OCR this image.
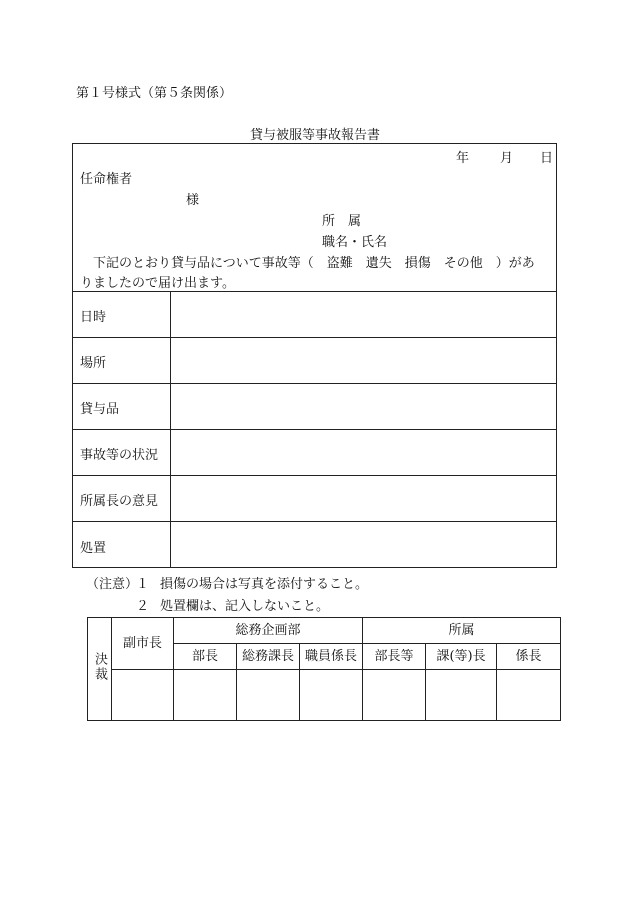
第１号様式（第５条関係）
貸与被服等事故報告書
年 月 日
任命権者
様
所　属
職名・氏名
下記のとおり貸与品について事故等（　盗難　遺失　損傷　その他　）があ
りましたので届け出ます。
日時
場所
貸与品
事故等の状況
所属長の意見
処置
（注意）
１ 損傷の場合は写真を添付すること。
２ 処置欄は、記入しないこと。
決裁	副市長	総務企画部			所属		
		部長	総務課長	職員係長	部長等	課(等)長	係長
